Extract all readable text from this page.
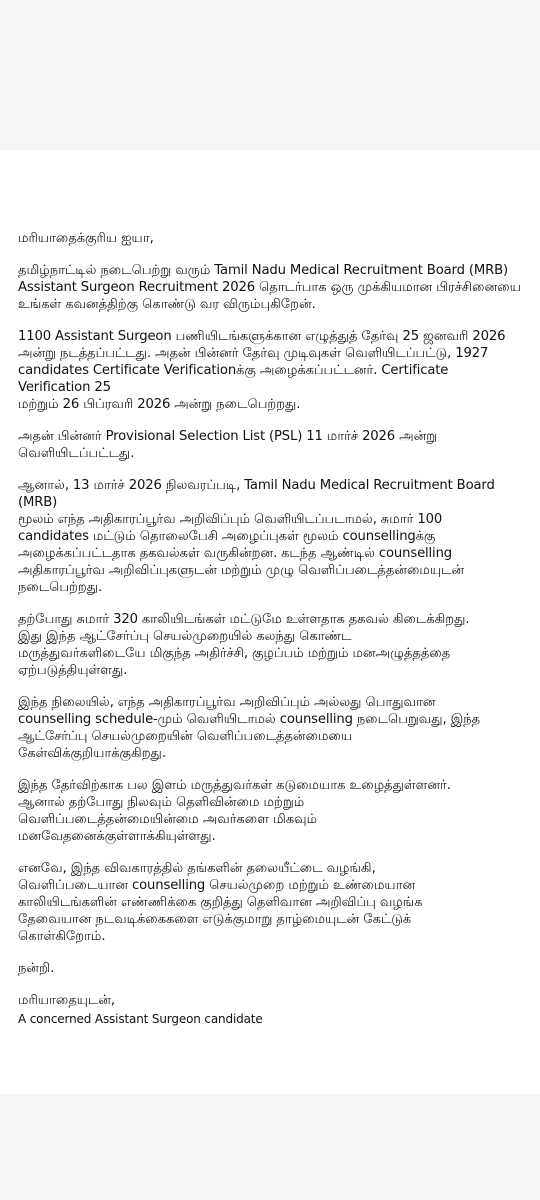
மரியாதைக்குரிய ஐயா,

தமிழ்நாட்டில் நடைபெற்று வரும் Tamil Nadu Medical Recruitment Board (MRB)
Assistant Surgeon Recruitment 2026 தொடர்பாக ஒரு முக்கியமான பிரச்சினையை
உங்கள் கவனத்திற்கு கொண்டு வர விரும்புகிறேன்.

1100 Assistant Surgeon பணியிடங்களுக்கான எழுத்துத் தேர்வு 25 ஜனவரி 2026
அன்று நடத்தப்பட்டது. அதன் பின்னர் தேர்வு முடிவுகள் வெளியிடப்பட்டு, 1927
candidates Certificate Verificationக்கு அழைக்கப்பட்டனர். Certificate Verification 25
மற்றும் 26 பிப்ரவரி 2026 அன்று நடைபெற்றது.

அதன் பின்னர் Provisional Selection List (PSL) 11 மார்ச் 2026 அன்று
வெளியிடப்பட்டது.

ஆனால், 13 மார்ச் 2026 நிலவரப்படி, Tamil Nadu Medical Recruitment Board (MRB)
மூலம் எந்த அதிகாரப்பூர்வ அறிவிப்பும் வெளியிடப்படாமல், சுமார் 100
candidates மட்டும் தொலைபேசி அழைப்புகள் மூலம் counsellingக்கு
அழைக்கப்பட்டதாக தகவல்கள் வருகின்றன. கடந்த ஆண்டில் counselling
அதிகாரப்பூர்வ அறிவிப்புகளுடன் மற்றும் முழு வெளிப்படைத்தன்மையுடன்
நடைபெற்றது.

தற்போது சுமார் 320 காலியிடங்கள் மட்டுமே உள்ளதாக தகவல் கிடைக்கிறது.
இது இந்த ஆட்சேர்ப்பு செயல்முறையில் கலந்து கொண்ட
மருத்துவர்களிடையே மிகுந்த அதிர்ச்சி, குழப்பம் மற்றும் மனஅழுத்தத்தை
ஏற்படுத்தியுள்ளது.

இந்த நிலையில், எந்த அதிகாரப்பூர்வ அறிவிப்பும் அல்லது பொதுவான
counselling schedule-மும் வெளியிடாமல் counselling நடைபெறுவது, இந்த
ஆட்சேர்ப்பு செயல்முறையின் வெளிப்படைத்தன்மையை
கேள்விக்குறியாக்குகிறது.

இந்த தேர்விற்காக பல இளம் மருத்துவர்கள் கடுமையாக உழைத்துள்ளனர்.
ஆனால் தற்போது நிலவும் தெளிவின்மை மற்றும்
வெளிப்படைத்தன்மையின்மை அவர்களை மிகவும்
மனவேதனைக்குள்ளாக்கியுள்ளது.

எனவே, இந்த விவகாரத்தில் தங்களின் தலையீட்டை வழங்கி,
வெளிப்படையான counselling செயல்முறை மற்றும் உண்மையான
காலியிடங்களின் எண்ணிக்கை குறித்து தெளிவான அறிவிப்பு வழங்க
தேவையான நடவடிக்கைகளை எடுக்குமாறு தாழ்மையுடன் கேட்டுக்
கொள்கிறோம்.

நன்றி.

மரியாதையுடன்,

A concerned Assistant Surgeon candidate
